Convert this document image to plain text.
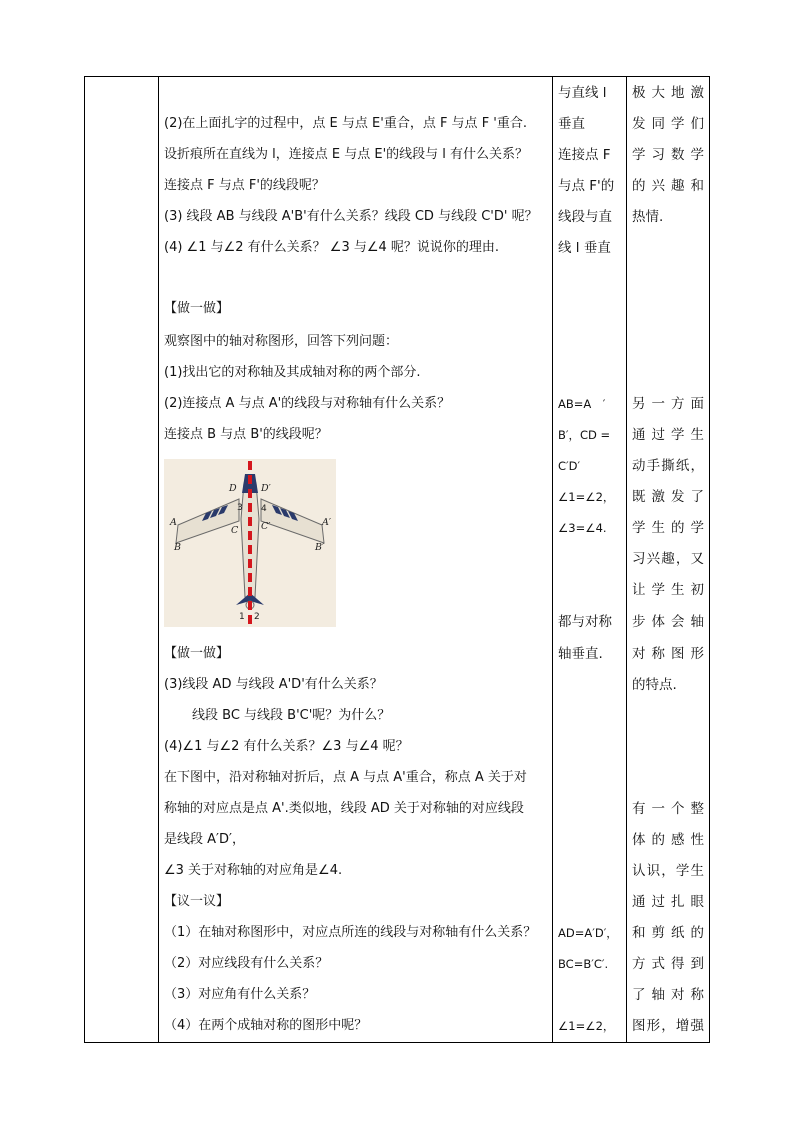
(2)在上面扎字的过程中，点 E 与点 E'重合，点 F 与点 F '重合.
设折痕所在直线为 l，连接点 E 与点 E'的线段与 l 有什么关系？
连接点 F 与点 F'的线段呢？
(3) 线段 AB 与线段 A'B'有什么关系？线段 CD 与线段 C'D' 呢？
(4) ∠1 与∠2 有什么关系？ ∠3 与∠4 呢？说说你的理由.
【做一做】
观察图中的轴对称图形，回答下列问题：
(1)找出它的对称轴及其成轴对称的两个部分.
(2)连接点 A 与点 A'的线段与对称轴有什么关系？
连接点 B 与点 B'的线段呢？
【做一做】
(3)线段 AD 与线段 A'D'有什么关系？
线段 BC 与线段 B'C'呢？为什么？
(4)∠1 与∠2 有什么关系？∠3 与∠4 呢？
在下图中，沿对称轴对折后，点 A 与点 A'重合，称点 A 关于对
称轴的对应点是点 A'.类似地，线段 AD 关于对称轴的对应线段
是线段 A′D′，
∠3 关于对称轴的对应角是∠4.
【议一议】
（1）在轴对称图形中，对应点所连的线段与对称轴有什么关系？
（2）对应线段有什么关系？
（3）对应角有什么关系？
（4）在两个成轴对称的图形中呢？
A
B
C
D
A′
B′
C′
D′
3 4
1 2
与直线 l
垂直
连接点 F
与点 F'的
线段与直
线 l 垂直
AB=A　′
B′，CD =
C′D′
∠1=∠2，
∠3=∠4.
都与对称
轴垂直.
AD=A′D′，
BC=B′C′.
∠1=∠2，
极大地激
发同学们
学习数学
的兴趣和
热情.
另一方面
通过学生
动手撕纸，
既激发了
学生的学
习兴趣，又
让学生初
步体会轴
对称图形
的特点.
有一个整
体的感性
认识，学生
通过扎眼
和剪纸的
方式得到
了轴对称
图形，增强
